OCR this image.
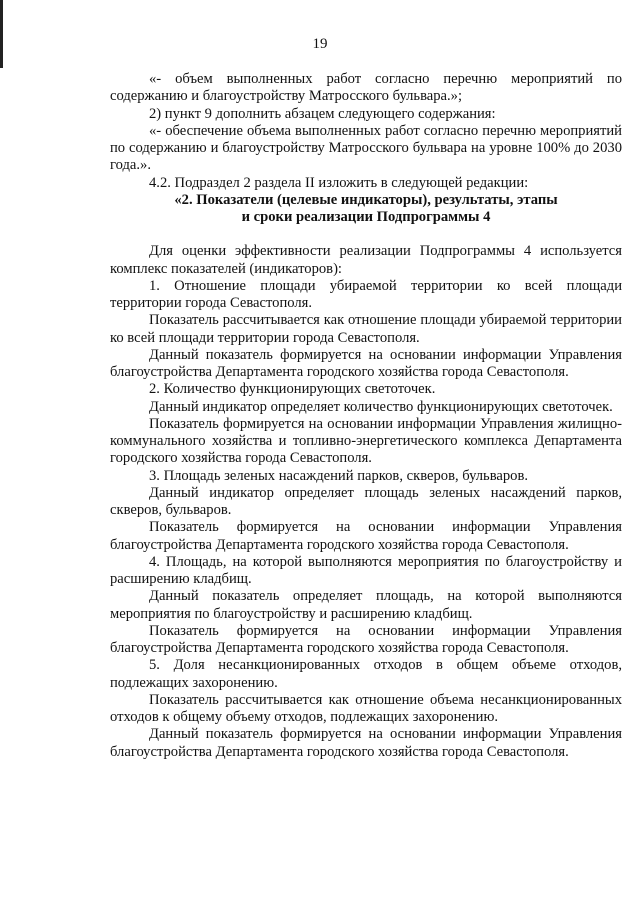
19

«- объем выполненных работ согласно перечню мероприятий по содержанию и благоустройству Матросского бульвара.»;

2) пункт 9 дополнить абзацем следующего содержания:

«- обеспечение объема выполненных работ согласно перечню мероприятий по содержанию и благоустройству Матросского бульвара на уровне 100% до 2030 года.».

4.2. Подраздел 2 раздела II изложить в следующей редакции:

«2. Показатели (целевые индикаторы), результаты, этапы

и сроки реализации Подпрограммы 4

Для оценки эффективности реализации Подпрограммы 4 используется комплекс показателей (индикаторов):

1. Отношение площади убираемой территории ко всей площади территории города Севастополя.

Показатель рассчитывается как отношение площади убираемой территории ко всей площади территории города Севастополя.

Данный показатель формируется на основании информации Управления благоустройства Департамента городского хозяйства города Севастополя.

2. Количество функционирующих светоточек.

Данный индикатор определяет количество функционирующих светоточек.

Показатель формируется на основании информации Управления жилищно-коммунального хозяйства и топливно-энергетического комплекса Департамента городского хозяйства города Севастополя.

3. Площадь зеленых насаждений парков, скверов, бульваров.

Данный индикатор определяет площадь зеленых насаждений парков, скверов, бульваров.

Показатель формируется на основании информации Управления благоустройства Департамента городского хозяйства города Севастополя.

4. Площадь, на которой выполняются мероприятия по благоустройству и расширению кладбищ.

Данный показатель определяет площадь, на которой выполняются мероприятия по благоустройству и расширению кладбищ.

Показатель формируется на основании информации Управления благоустройства Департамента городского хозяйства города Севастополя.

5. Доля несанкционированных отходов в общем объеме отходов, подлежащих захоронению.

Показатель рассчитывается как отношение объема несанкционированных отходов к общему объему отходов, подлежащих захоронению.

Данный показатель формируется на основании информации Управления благоустройства Департамента городского хозяйства города Севастополя.
